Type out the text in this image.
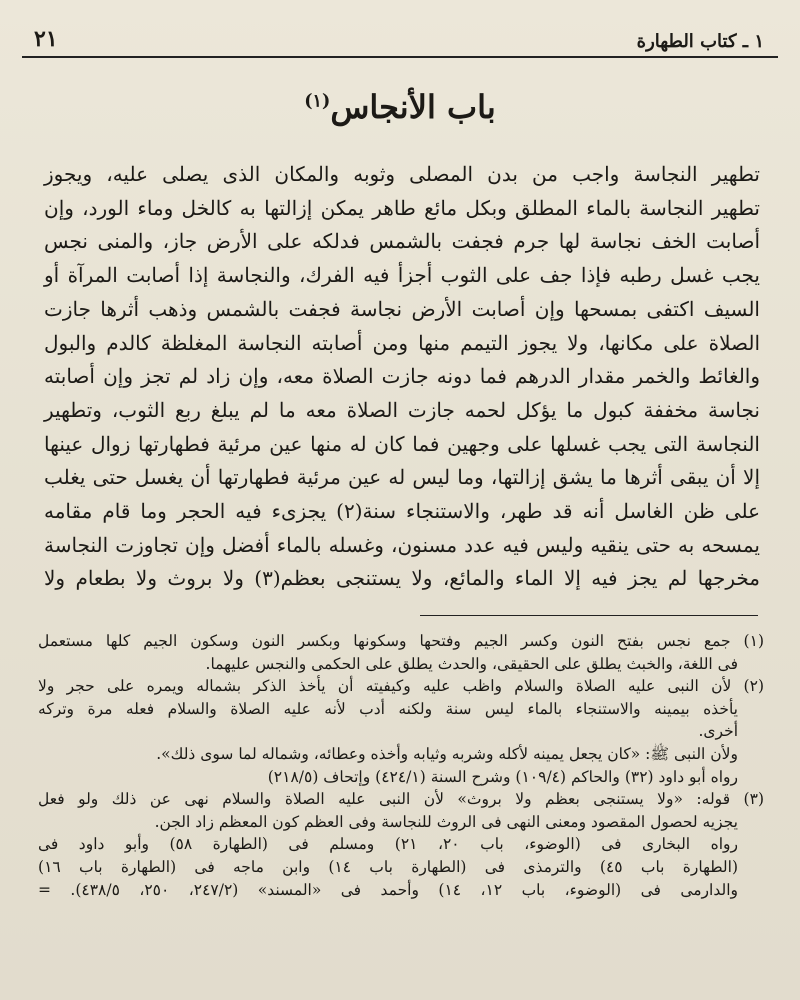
١ ـ كتاب الطهارة
٢١
باب الأنجاس$^{(١)}$
تطهير النجاسة واجب من بدن المصلى وثوبه والمكان الذى يصلى عليه، ويجوز
تطهير النجاسة بالماء المطلق وبكل مائع طاهر يمكن إزالتها به كالخل وماء الورد، وإن
أصابت الخف نجاسة لها جرم فجفت بالشمس فدلكه على الأرض جاز، والمنى نجس
يجب غسل رطبه فإذا جف على الثوب أجزأ فيه الفرك، والنجاسة إذا أصابت المرآة أو
السيف اكتفى بمسحها وإن أصابت الأرض نجاسة فجفت بالشمس وذهب أثرها جازت
الصلاة على مكانها، ولا يجوز التيمم منها ومن أصابته النجاسة المغلظة كالدم والبول
والغائط والخمر مقدار الدرهم فما دونه جازت الصلاة معه، وإن زاد لم تجز وإن أصابته
نجاسة مخففة كبول ما يؤكل لحمه جازت الصلاة معه ما لم يبلغ ربع الثوب، وتطهير
النجاسة التى يجب غسلها على وجهين فما كان له منها عين مرئية فطهارتها زوال عينها
إلا أن يبقى أثرها ما يشق إزالتها، وما ليس له عين مرئية فطهارتها أن يغسل حتى يغلب
على ظن الغاسل أنه قد طهر، والاستنجاء سنة(٢) يجزىء فيه الحجر وما قام مقامه
يمسحه به حتى ينقيه وليس فيه عدد مسنون، وغسله بالماء أفضل وإن تجاوزت النجاسة
مخرجها لم يجز فيه إلا الماء والمائع، ولا يستنجى بعظم(٣) ولا بروث ولا بطعام ولا
(١) جمع نجس بفتح النون وكسر الجيم وفتحها وسكونها وبكسر النون وسكون الجيم كلها مستعمل
فى اللغة، والخبث يطلق على الحقيقى، والحدث يطلق على الحكمى والنجس عليهما.
(٢) لأن النبى عليه الصلاة والسلام واظب عليه وكيفيته أن يأخذ الذكر بشماله ويمره على حجر ولا
يأخذه بيمينه والاستنجاء بالماء ليس سنة ولكنه أدب لأنه عليه الصلاة والسلام فعله مرة وتركه
أخرى.
ولأن النبى ﷺ: «كان يجعل يمينه لأكله وشربه وثيابه وأخذه وعطائه، وشماله لما سوى ذلك».
رواه أبو داود (٣٢) والحاكم (١٠٩/٤) وشرح السنة (٤٢٤/١) وإتحاف (٢١٨/٥)
(٣) قوله: «ولا يستنجى بعظم ولا بروث» لأن النبى عليه الصلاة والسلام نهى عن ذلك ولو فعل
يجزيه لحصول المقصود ومعنى النهى فى الروث للنجاسة وفى العظم كون المعظم زاد الجن.
رواه البخارى فى (الوضوء، باب ٢٠، ٢١) ومسلم فى (الطهارة ٥٨) وأبو داود فى
(الطهارة باب ٤٥) والترمذى فى (الطهارة باب ١٤) وابن ماجه فى (الطهارة باب ١٦)
والدارمى فى (الوضوء، باب ١٢، ١٤) وأحمد فى «المسند» (٢٤٧/٢، ٢٥٠، ٤٣٨/٥). =
